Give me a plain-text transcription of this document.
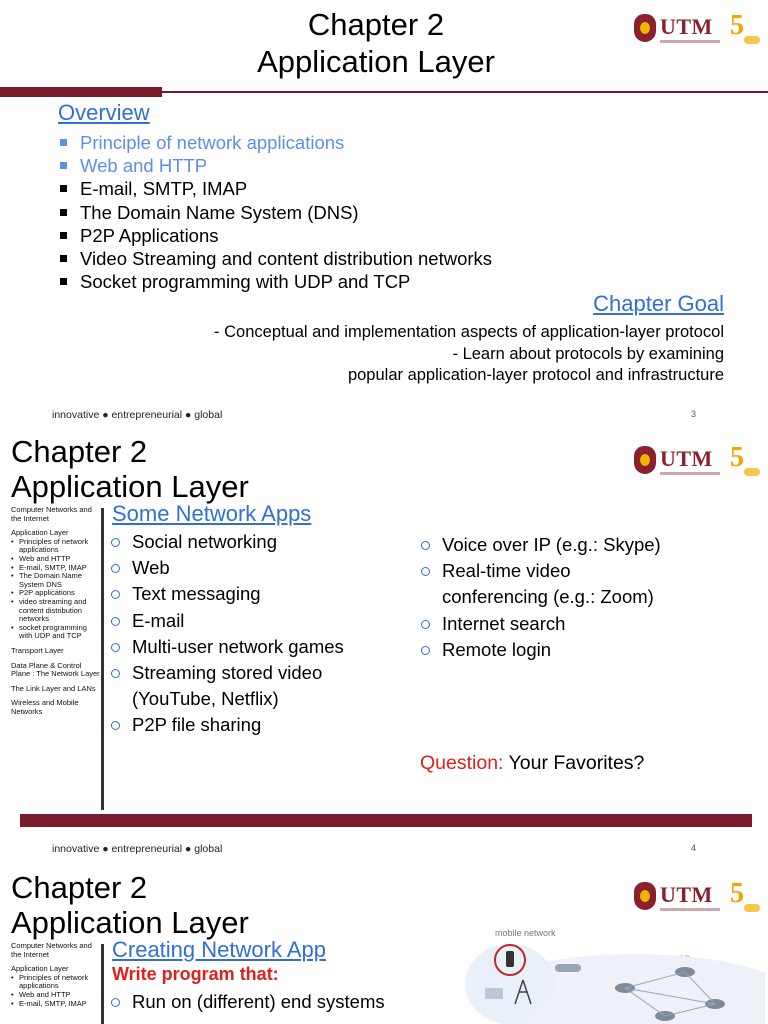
Chapter 2
Application Layer
UTM 5
Overview
Principle of network applications
Web and HTTP
E-mail, SMTP, IMAP
The Domain Name System (DNS)
P2P Applications
Video Streaming and content distribution networks
Socket programming with UDP and TCP
Chapter Goal
- Conceptual and implementation aspects of application-layer protocol
- Learn about protocols by examining
popular application-layer protocol and infrastructure
innovative ● entrepreneurial ● global	3
Chapter 2
Application Layer
UTM 5
Computer Networks and the Internet
Application Layer
• Principles of network applications
• Web and HTTP
• E-mail, SMTP, IMAP
• The Domain Name System DNS
• P2P applications
• video streaming and content distribution networks
• socket programming with UDP and TCP
Transport Layer
Data Plane & Control Plane : The Network Layer
The Link Layer and LANs
Wireless and Mobile Networks
Some Network Apps
Social networking
Web
Text messaging
E-mail
Multi-user network games
Streaming stored video
(YouTube, Netflix)
P2P file sharing
Voice over IP (e.g.: Skype)
Real-time video
conferencing (e.g.: Zoom)
Internet search
Remote login
Question: Your Favorites?
innovative ● entrepreneurial ● global	4
Chapter 2
Application Layer
UTM 5
Computer Networks and the Internet
Application Layer
• Principles of network applications
• Web and HTTP
• E-mail, SMTP, IMAP
Creating Network App
Write program that:
Run on (different) end systems
mobile network
